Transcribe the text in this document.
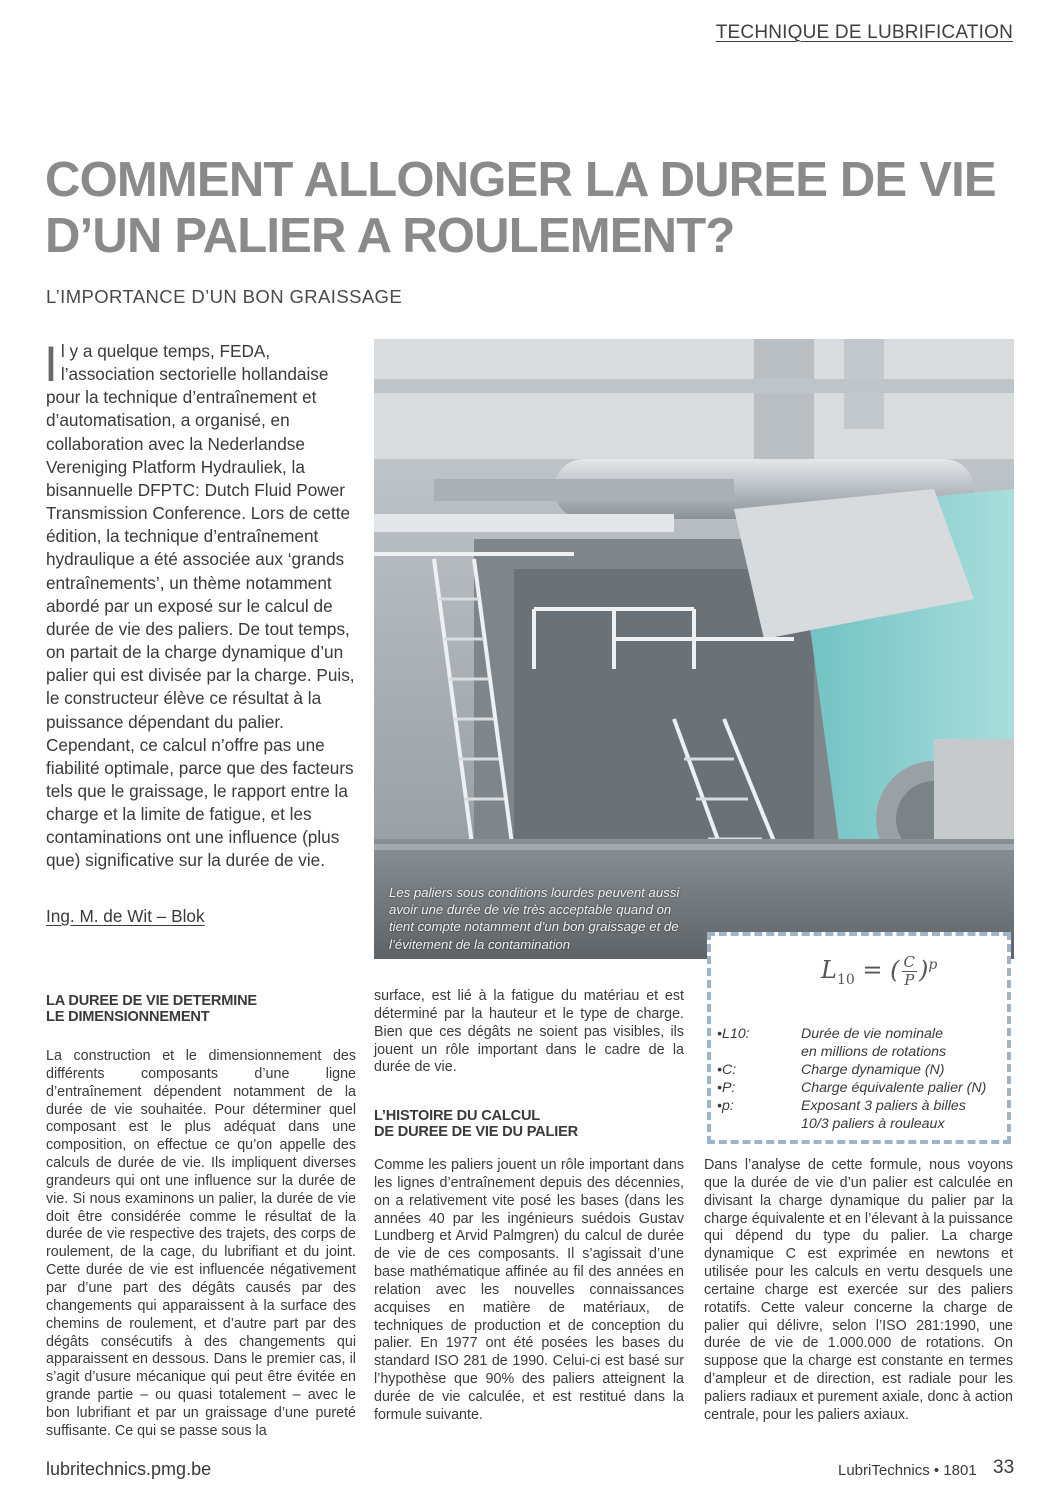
TECHNIQUE DE LUBRIFICATION
COMMENT ALLONGER LA DUREE DE VIE
D’UN PALIER A ROULEMENT?
L’IMPORTANCE D’UN BON GRAISSAGE

Il y a quelque temps, FEDA, l’association sectorielle hollandaise pour la technique d’entraînement et d’automatisation, a organisé, en collaboration avec la Nederlandse Vereniging Platform Hydrauliek, la bisannuelle DFPTC: Dutch Fluid Power Transmission Conference. Lors de cette édition, la technique d’entraînement hydraulique a été associée aux ‘grands entraînements’, un thème notamment abordé par un exposé sur le calcul de durée de vie des paliers. De tout temps, on partait de la charge dynamique d’un palier qui est divisée par la charge. Puis, le constructeur élève ce résultat à la puissance dépendant du palier. Cependant, ce calcul n’offre pas une fiabilité optimale, parce que des facteurs tels que le graissage, le rapport entre la charge et la limite de fatigue, et les contaminations ont une influence (plus que) significative sur la durée de vie.

Ing. M. de Wit – Blok
Les paliers sous conditions lourdes peuvent aussi avoir une durée de vie très acceptable quand on tient compte notamment d’un bon graissage et de l’évitement de la contamination
$L_{10}$ = ( $\frac{C}{P} )^p$
•L10:	Durée de vie nominale
en millions de rotations
•C:	Charge dynamique (N)
•P:	Charge équivalente palier (N)
•p:	Exposant 3 paliers à billes
10/3 paliers à rouleaux
LA DUREE DE VIE DETERMINE
LE DIMENSIONNEMENT

La construction et le dimensionnement des différents composants d’une ligne d’entraînement dépendent notamment de la durée de vie souhaitée. Pour déterminer quel composant est le plus adéquat dans une composition, on effectue ce qu’on appelle des calculs de durée de vie. Ils impliquent diverses grandeurs qui ont une influence sur la durée de vie. Si nous examinons un palier, la durée de vie doit être considérée comme le résultat de la durée de vie respective des trajets, des corps de roulement, de la cage, du lubrifiant et du joint. Cette durée de vie est influencée négativement par d’une part des dégâts causés par des changements qui apparaissent à la surface des chemins de roulement, et d’autre part par des dégâts consécutifs à des changements qui apparaissent en dessous. Dans le premier cas, il s’agit d’usure mécanique qui peut être évitée en grande partie – ou quasi totalement – avec le bon lubrifiant et par un graissage d’une pureté suffisante. Ce qui se passe sous la

surface, est lié à la fatigue du matériau et est déterminé par la hauteur et le type de charge. Bien que ces dégâts ne soient pas visibles, ils jouent un rôle important dans le cadre de la durée de vie.

L’HISTOIRE DU CALCUL
DE DUREE DE VIE DU PALIER

Comme les paliers jouent un rôle important dans les lignes d’entraînement depuis des décennies, on a relativement vite posé les bases (dans les années 40 par les ingénieurs suédois Gustav Lundberg et Arvid Palmgren) du calcul de durée de vie de ces composants. Il s’agissait d’une base mathématique affinée au fil des années en relation avec les nouvelles connaissances acquises en matière de matériaux, de techniques de production et de conception du palier. En 1977 ont été posées les bases du standard ISO 281 de 1990. Celui-ci est basé sur l’hypothèse que 90% des paliers atteignent la durée de vie calculée, et est restitué dans la formule suivante.

Dans l’analyse de cette formule, nous voyons que la durée de vie d’un palier est calculée en divisant la charge dynamique du palier par la charge équivalente et en l’élevant à la puissance qui dépend du type du palier. La charge dynamique C est exprimée en newtons et utilisée pour les calculs en vertu desquels une certaine charge est exercée sur des paliers rotatifs. Cette valeur concerne la charge de palier qui délivre, selon l’ISO 281:1990, une durée de vie de 1.000.000 de rotations. On suppose que la charge est constante en termes d’ampleur et de direction, est radiale pour les paliers radiaux et purement axiale, donc à action centrale, pour les paliers axiaux.

lubritechnics.pmg.be	LubriTechnics • 1801 33
